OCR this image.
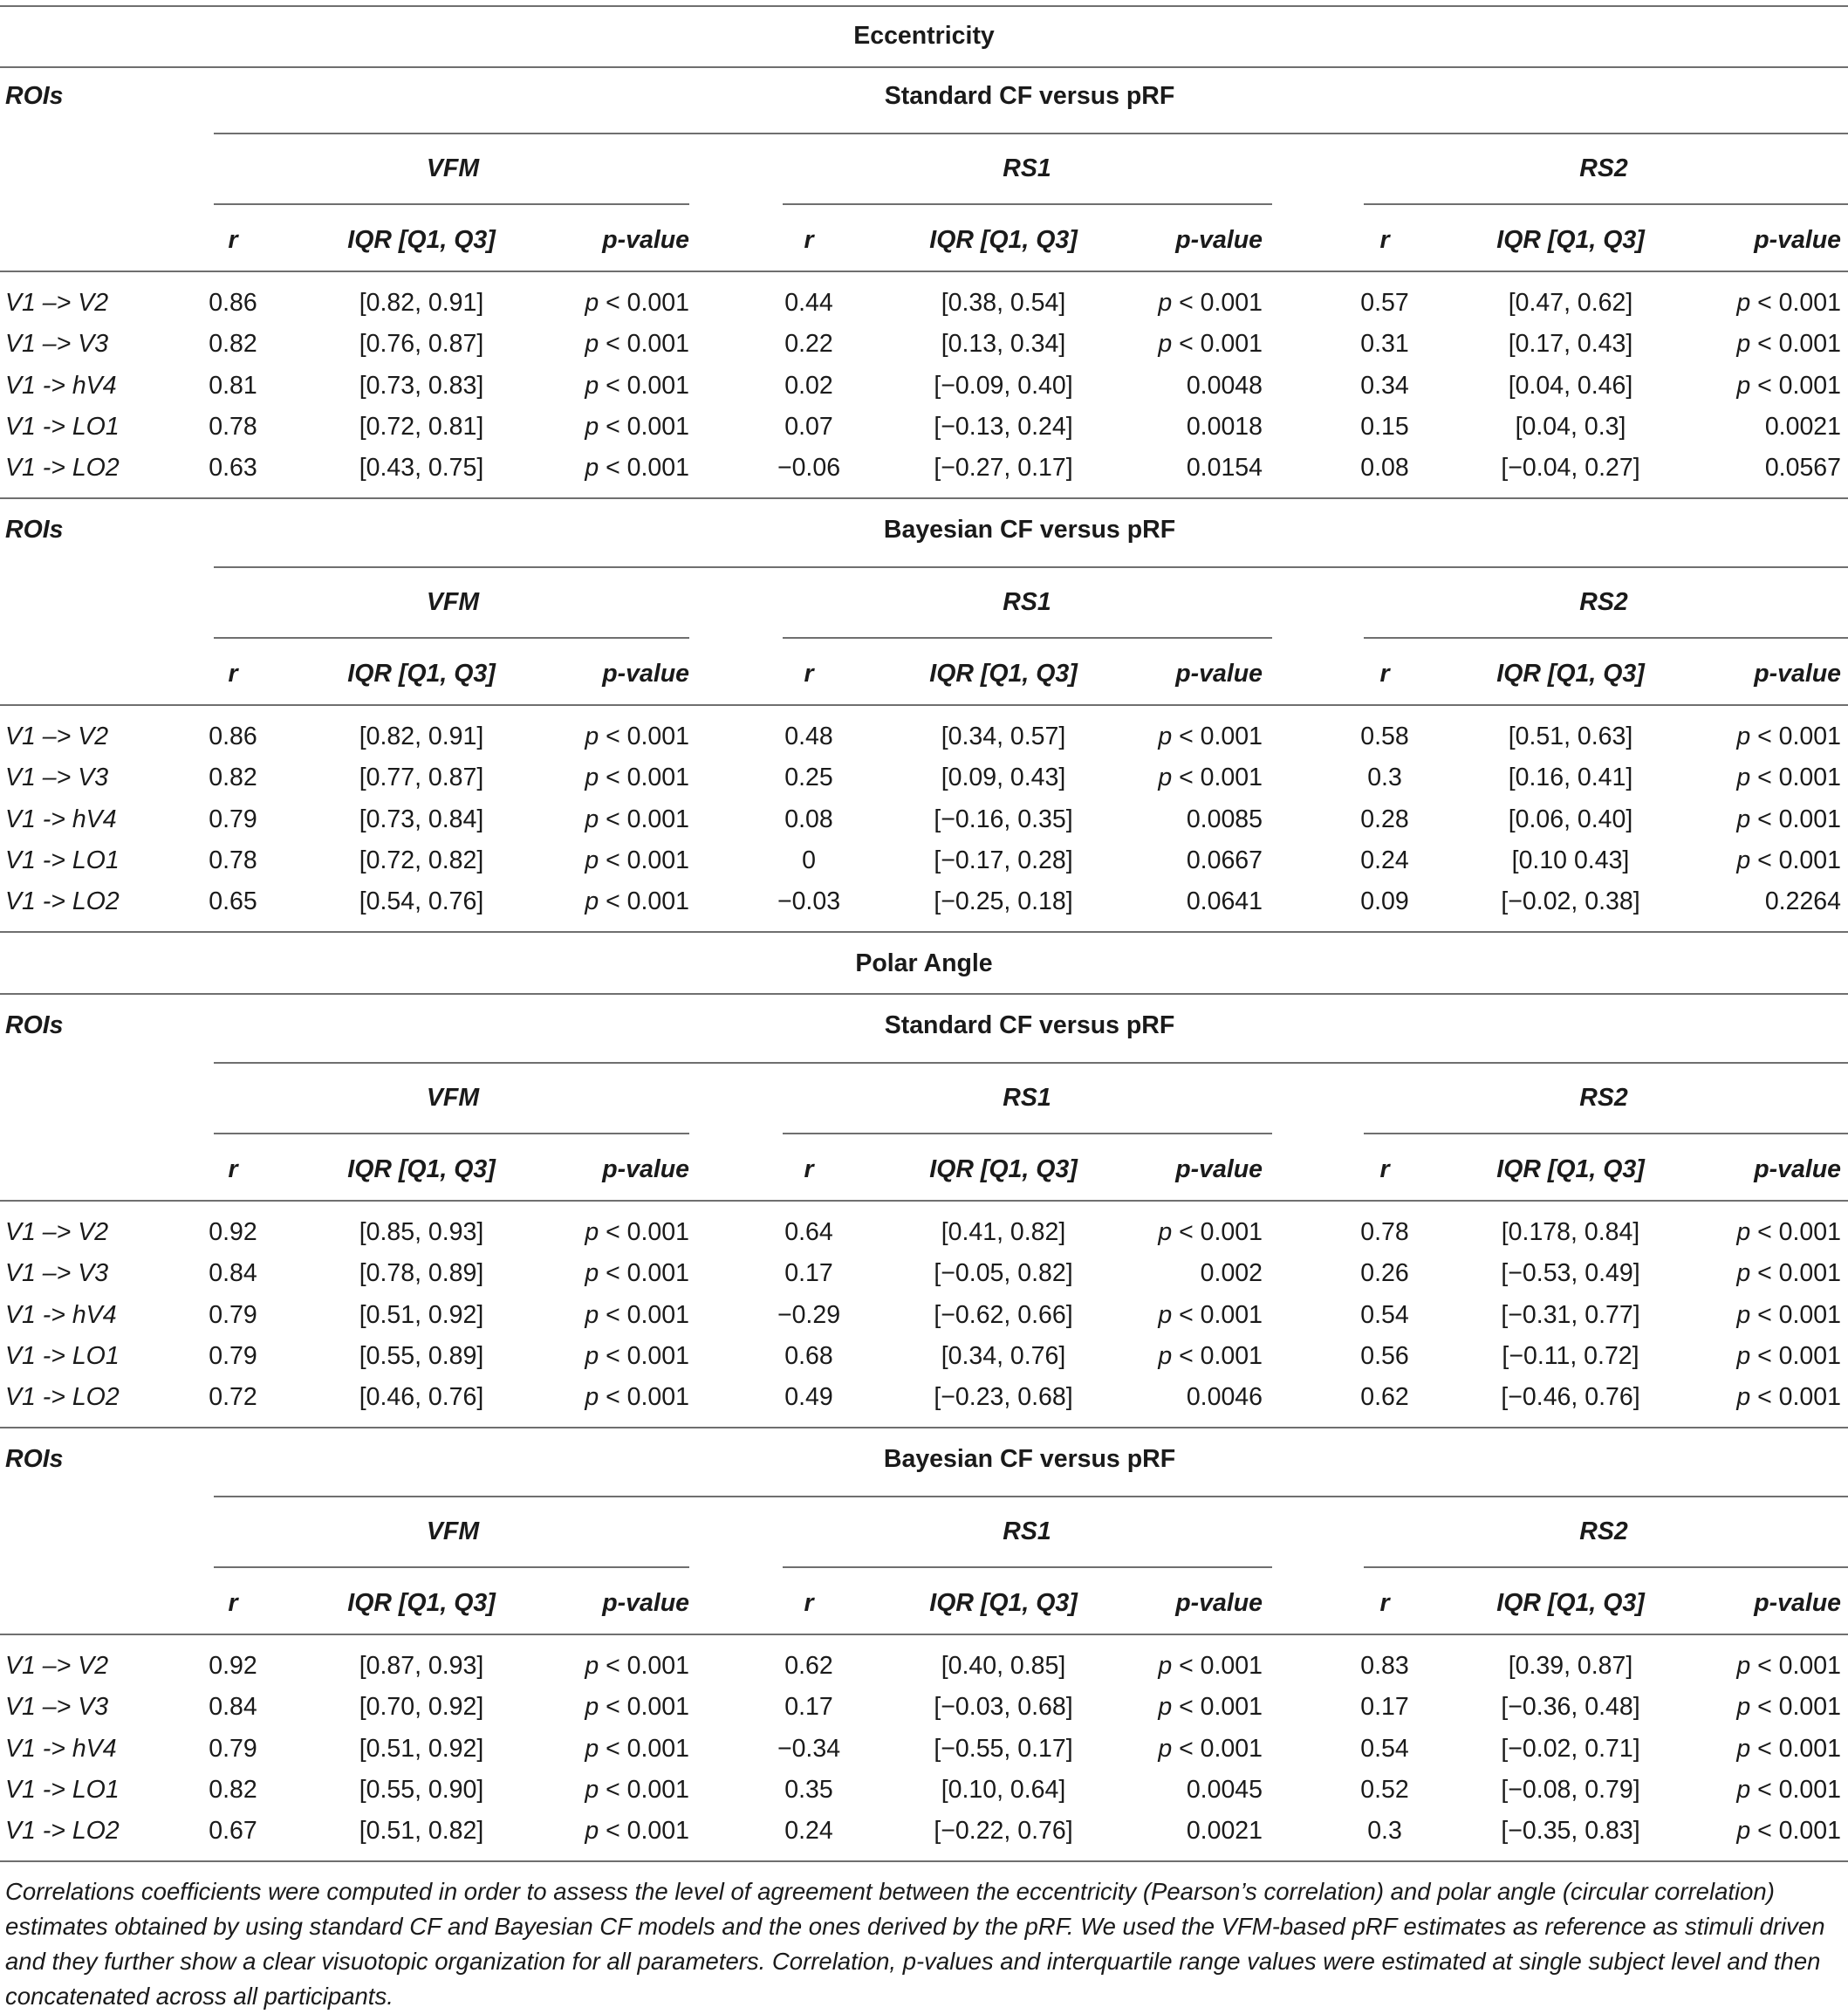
Eccentricity
ROIs	Standard CF versus pRF
VFM	RS1	RS2
r	IQR [Q1, Q3]	p-value	r	IQR [Q1, Q3]	p-value	r	IQR [Q1, Q3]	p-value
V1 –> V2	0.86	[0.82, 0.91]	p < 0.001	0.44	[0.38, 0.54]	p < 0.001	0.57	[0.47, 0.62]	p < 0.001
V1 –> V3	0.82	[0.76, 0.87]	p < 0.001	0.22	[0.13, 0.34]	p < 0.001	0.31	[0.17, 0.43]	p < 0.001
V1 -> hV4	0.81	[0.73, 0.83]	p < 0.001	0.02	[−0.09, 0.40]	0.0048	0.34	[0.04, 0.46]	p < 0.001
V1 -> LO1	0.78	[0.72, 0.81]	p < 0.001	0.07	[−0.13, 0.24]	0.0018	0.15	[0.04, 0.3]	0.0021
V1 -> LO2	0.63	[0.43, 0.75]	p < 0.001	−0.06	[−0.27, 0.17]	0.0154	0.08	[−0.04, 0.27]	0.0567
ROIs	Bayesian CF versus pRF
VFM	RS1	RS2
r	IQR [Q1, Q3]	p-value	r	IQR [Q1, Q3]	p-value	r	IQR [Q1, Q3]	p-value
V1 –> V2	0.86	[0.82, 0.91]	p < 0.001	0.48	[0.34, 0.57]	p < 0.001	0.58	[0.51, 0.63]	p < 0.001
V1 –> V3	0.82	[0.77, 0.87]	p < 0.001	0.25	[0.09, 0.43]	p < 0.001	0.3	[0.16, 0.41]	p < 0.001
V1 -> hV4	0.79	[0.73, 0.84]	p < 0.001	0.08	[−0.16, 0.35]	0.0085	0.28	[0.06, 0.40]	p < 0.001
V1 -> LO1	0.78	[0.72, 0.82]	p < 0.001	0	[−0.17, 0.28]	0.0667	0.24	[0.10 0.43]	p < 0.001
V1 -> LO2	0.65	[0.54, 0.76]	p < 0.001	−0.03	[−0.25, 0.18]	0.0641	0.09	[−0.02, 0.38]	0.2264
Polar Angle
ROIs	Standard CF versus pRF
VFM	RS1	RS2
r	IQR [Q1, Q3]	p-value	r	IQR [Q1, Q3]	p-value	r	IQR [Q1, Q3]	p-value
V1 –> V2	0.92	[0.85, 0.93]	p < 0.001	0.64	[0.41, 0.82]	p < 0.001	0.78	[0.178, 0.84]	p < 0.001
V1 –> V3	0.84	[0.78, 0.89]	p < 0.001	0.17	[−0.05, 0.82]	0.002	0.26	[−0.53, 0.49]	p < 0.001
V1 -> hV4	0.79	[0.51, 0.92]	p < 0.001	−0.29	[−0.62, 0.66]	p < 0.001	0.54	[−0.31, 0.77]	p < 0.001
V1 -> LO1	0.79	[0.55, 0.89]	p < 0.001	0.68	[0.34, 0.76]	p < 0.001	0.56	[−0.11, 0.72]	p < 0.001
V1 -> LO2	0.72	[0.46, 0.76]	p < 0.001	0.49	[−0.23, 0.68]	0.0046	0.62	[−0.46, 0.76]	p < 0.001
ROIs	Bayesian CF versus pRF
VFM	RS1	RS2
r	IQR [Q1, Q3]	p-value	r	IQR [Q1, Q3]	p-value	r	IQR [Q1, Q3]	p-value
V1 –> V2	0.92	[0.87, 0.93]	p < 0.001	0.62	[0.40, 0.85]	p < 0.001	0.83	[0.39, 0.87]	p < 0.001
V1 –> V3	0.84	[0.70, 0.92]	p < 0.001	0.17	[−0.03, 0.68]	p < 0.001	0.17	[−0.36, 0.48]	p < 0.001
V1 -> hV4	0.79	[0.51, 0.92]	p < 0.001	−0.34	[−0.55, 0.17]	p < 0.001	0.54	[−0.02, 0.71]	p < 0.001
V1 -> LO1	0.82	[0.55, 0.90]	p < 0.001	0.35	[0.10, 0.64]	0.0045	0.52	[−0.08, 0.79]	p < 0.001
V1 -> LO2	0.67	[0.51, 0.82]	p < 0.001	0.24	[−0.22, 0.76]	0.0021	0.3	[−0.35, 0.83]	p < 0.001
Correlations coefficients were computed in order to assess the level of agreement between the eccentricity (Pearson’s correlation) and polar angle (circular correlation) estimates obtained by using standard CF and Bayesian CF models and the ones derived by the pRF. We used the VFM-based pRF estimates as reference as stimuli driven and they further show a clear visuotopic organization for all parameters. Correlation, p-values and interquartile range values were estimated at single subject level and then concatenated across all participants.
